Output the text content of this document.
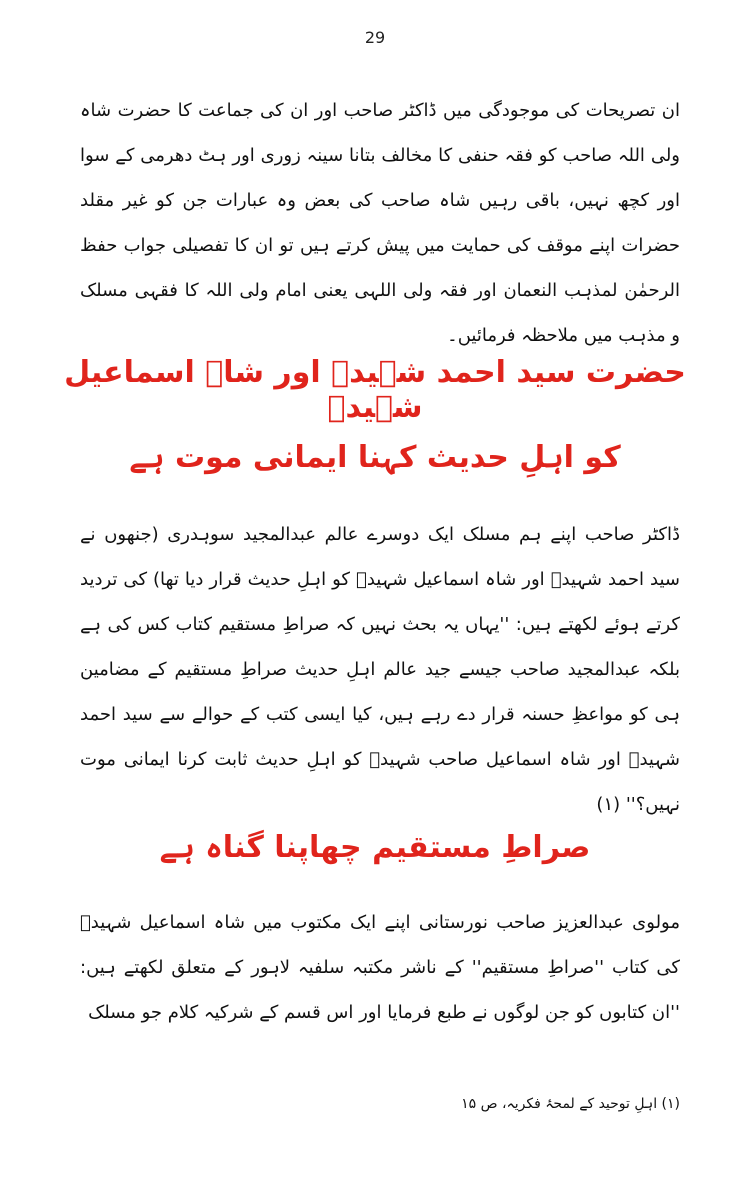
29

ان تصریحات کی موجودگی میں ڈاکٹر صاحب اور ان کی جماعت کا حضرت شاہ ولی اللہ صاحب کو فقہ حنفی کا مخالف بتانا سینہ زوری اور ہٹ دھرمی کے سوا اور کچھ نہیں، باقی رہیں شاہ صاحب کی بعض وہ عبارات جن کو غیر مقلد حضرات اپنے موقف کی حمایت میں پیش کرتے ہیں تو ان کا تفصیلی جواب حفظ الرحمٰن لمذہب النعمان اور فقہ ولی اللہی یعنی امام ولی اللہ کا فقہی مسلک و مذہب میں ملاحظہ فرمائیں۔

حضرت سید احمد شہیدؒ اور شاہ اسماعیل شہیدؒ
کو اہلِ حدیث کہنا ایمانی موت ہے

ڈاکٹر صاحب اپنے ہم مسلک ایک دوسرے عالم عبدالمجید سوہدری (جنھوں نے سید احمد شہیدؒ اور شاہ اسماعیل شہیدؒ کو اہلِ حدیث قرار دیا تھا) کی تردید کرتے ہوئے لکھتے ہیں: ''یہاں یہ بحث نہیں کہ صراطِ مستقیم کتاب کس کی ہے بلکہ عبدالمجید صاحب جیسے جید عالم اہلِ حدیث صراطِ مستقیم کے مضامین ہی کو مواعظِ حسنہ قرار دے رہے ہیں، کیا ایسی کتب کے حوالے سے سید احمد شہیدؒ اور شاہ اسماعیل صاحب شہیدؒ کو اہلِ حدیث ثابت کرنا ایمانی موت نہیں؟'' (۱)

صراطِ مستقیم چھاپنا گناہ ہے

مولوی عبدالعزیز صاحب نورستانی اپنے ایک مکتوب میں شاہ اسماعیل شہیدؒ کی کتاب ''صراطِ مستقیم'' کے ناشر مکتبہ سلفیہ لاہور کے متعلق لکھتے ہیں: ''ان کتابوں کو جن لوگوں نے طبع فرمایا اور اس قسم کے شرکیہ کلام جو مسلک

(۱) اہلِ توحید کے لمحۂ فکریہ، ص ۱۵
